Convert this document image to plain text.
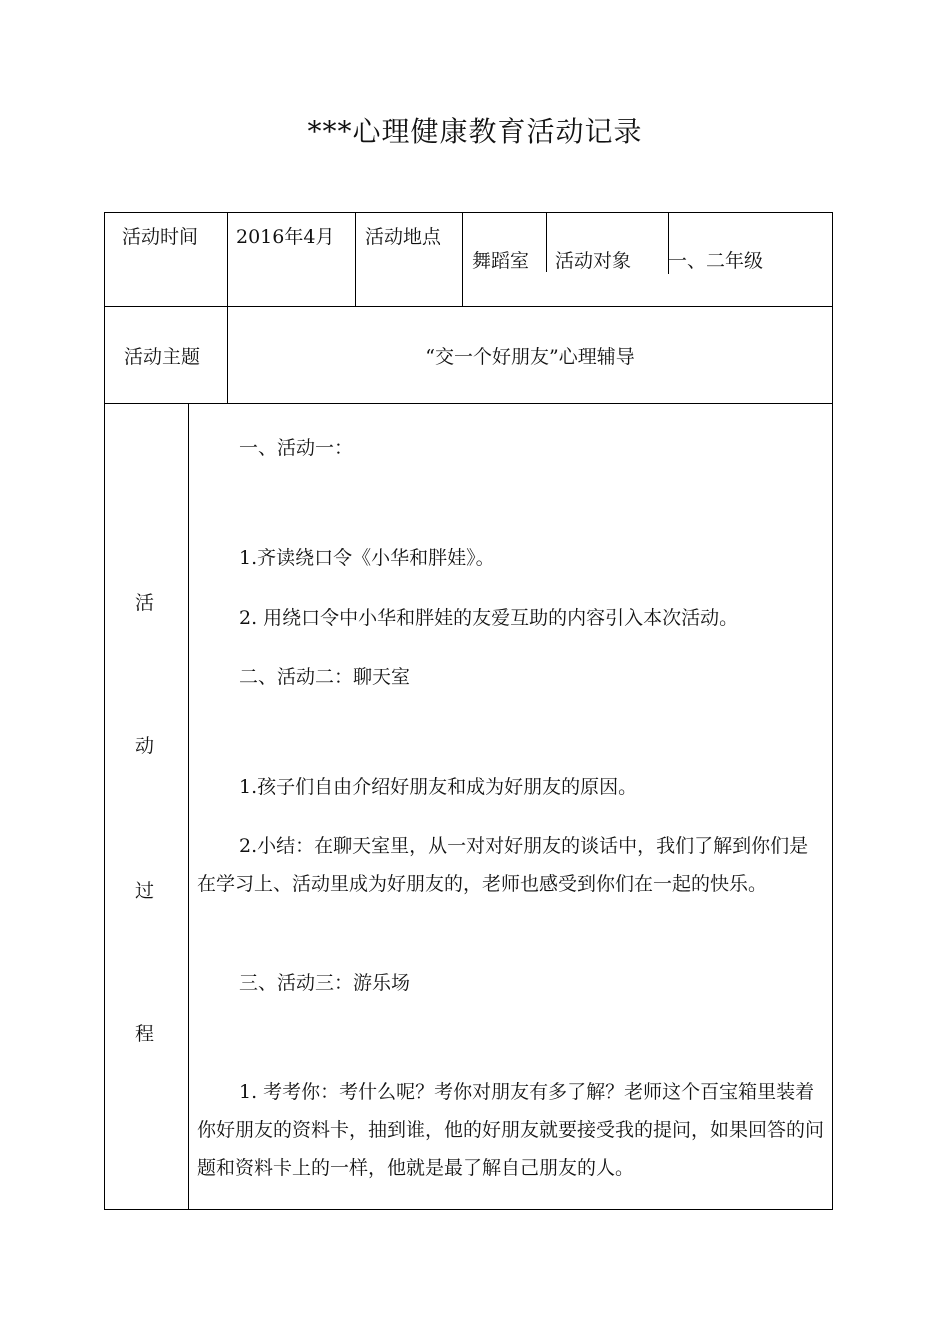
***心理健康教育活动记录
活动时间 2016年4月 活动地点
舞蹈室 活动对象 一、二年级
活动主题	“交一个好朋友”心理辅导
活
动
过
程
一、活动一：
1.齐读绕口令《小华和胖娃》。
2. 用绕口令中小华和胖娃的友爱互助的内容引入本次活动。
二、活动二：聊天室
1.孩子们自由介绍好朋友和成为好朋友的原因。
2.小结：在聊天室里，从一对对好朋友的谈话中，我们了解到你们是在学习上、活动里成为好朋友的，老师也感受到你们在一起的快乐。
三、活动三：游乐场
1. 考考你：考什么呢？考你对朋友有多了解？老师这个百宝箱里装着你好朋友的资料卡，抽到谁，他的好朋友就要接受我的提问，如果回答的问题和资料卡上的一样，他就是最了解自己朋友的人。
